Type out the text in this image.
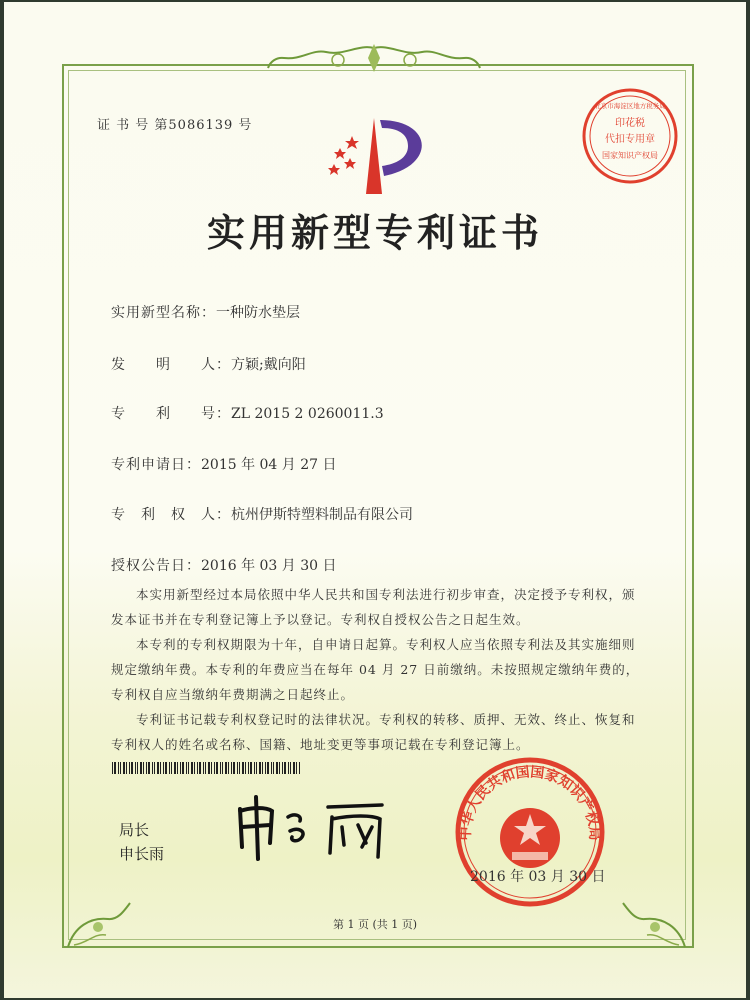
证 书 号 第5086139 号	印花税
代扣专用章
国家知识产权局
北京市海淀区地方税务局
实用新型专利证书
实用新型名称：一种防水垫层
发　　明　　人：方颖;戴向阳
专　　利　　号：ZL 2015 2 0260011.3
专利申请日：2015 年 04 月 27 日
专　利　权　人：杭州伊斯特塑料制品有限公司
授权公告日：2016 年 03 月 30 日

本实用新型经过本局依照中华人民共和国专利法进行初步审查，决定授予专利权，颁发本证书并在专利登记簿上予以登记。专利权自授权公告之日起生效。

本专利的专利权期限为十年，自申请日起算。专利权人应当依照专利法及其实施细则规定缴纳年费。本专利的年费应当在每年 04 月 27 日前缴纳。未按照规定缴纳年费的，专利权自应当缴纳年费期满之日起终止。

专利证书记载专利权登记时的法律状况。专利权的转移、质押、无效、终止、恢复和专利权人的姓名或名称、国籍、地址变更等事项记载在专利登记簿上。

局长
申长雨
中华人民共和国国家知识产权局
2016 年 03 月 30 日
第 1 页 (共 1 页)
